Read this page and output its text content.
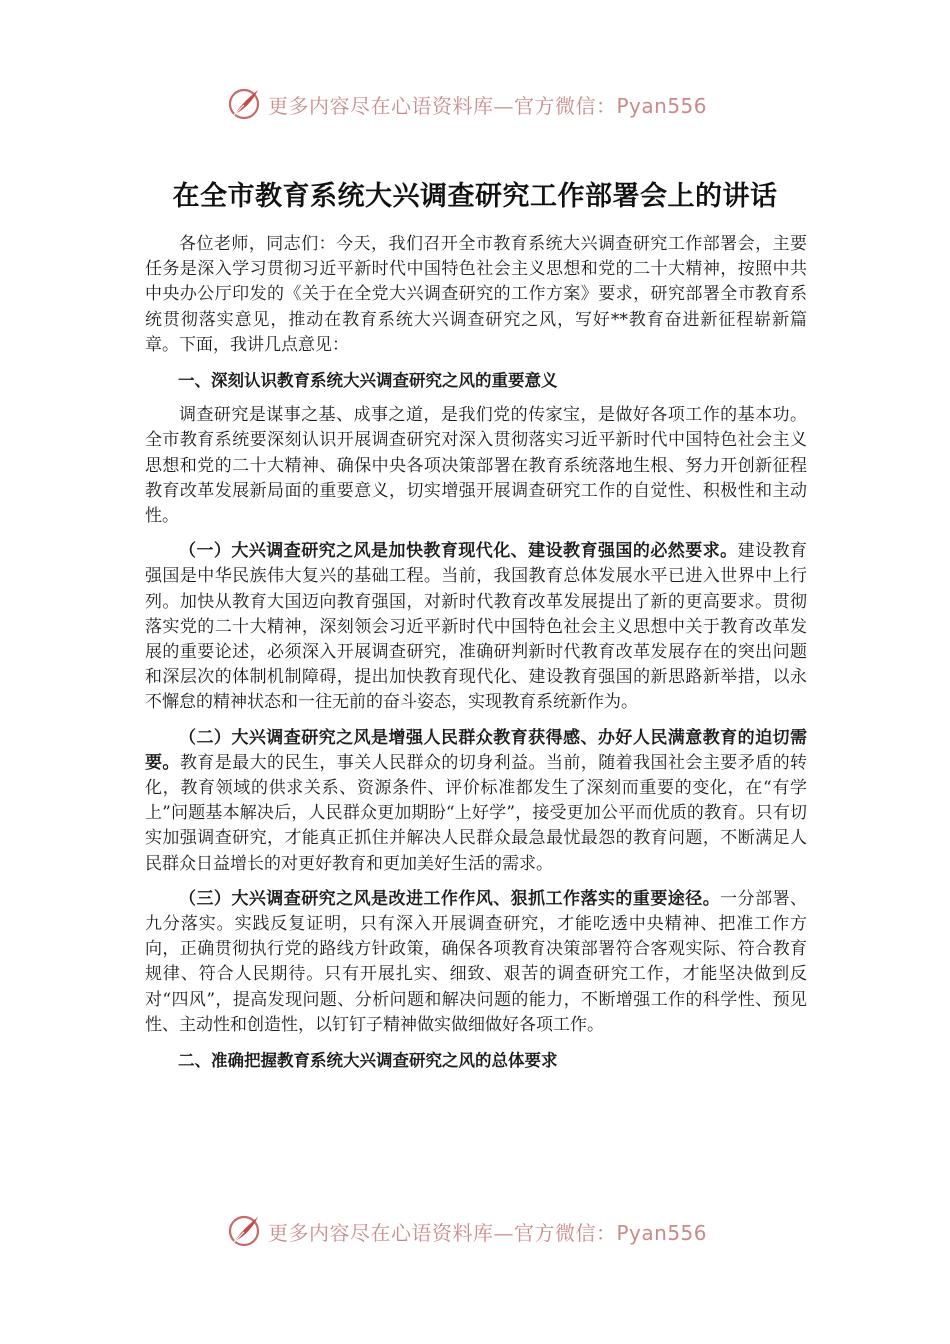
更多内容尽在心语资料库—官方微信：Pyan556
在全市教育系统大兴调查研究工作部署会上的讲话

各位老师，同志们：今天，我们召开全市教育系统大兴调查研究工作部署会，主要任务是深入学习贯彻习近平新时代中国特色社会主义思想和党的二十大精神，按照中共中央办公厅印发的《关于在全党大兴调查研究的工作方案》要求，研究部署全市教育系统贯彻落实意见，推动在教育系统大兴调查研究之风，写好**教育奋进新征程崭新篇章。下面，我讲几点意见：

一、深刻认识教育系统大兴调查研究之风的重要意义

调查研究是谋事之基、成事之道，是我们党的传家宝，是做好各项工作的基本功。全市教育系统要深刻认识开展调查研究对深入贯彻落实习近平新时代中国特色社会主义思想和党的二十大精神、确保中央各项决策部署在教育系统落地生根、努力开创新征程教育改革发展新局面的重要意义，切实增强开展调查研究工作的自觉性、积极性和主动性。

（一）大兴调查研究之风是加快教育现代化、建设教育强国的必然要求。建设教育强国是中华民族伟大复兴的基础工程。当前，我国教育总体发展水平已进入世界中上行列。加快从教育大国迈向教育强国，对新时代教育改革发展提出了新的更高要求。贯彻落实党的二十大精神，深刻领会习近平新时代中国特色社会主义思想中关于教育改革发展的重要论述，必须深入开展调查研究，准确研判新时代教育改革发展存在的突出问题和深层次的体制机制障碍，提出加快教育现代化、建设教育强国的新思路新举措，以永不懈怠的精神状态和一往无前的奋斗姿态，实现教育系统新作为。

（二）大兴调查研究之风是增强人民群众教育获得感、办好人民满意教育的迫切需要。教育是最大的民生，事关人民群众的切身利益。当前，随着我国社会主要矛盾的转化，教育领域的供求关系、资源条件、评价标准都发生了深刻而重要的变化，在“有学上”问题基本解决后，人民群众更加期盼“上好学”，接受更加公平而优质的教育。只有切实加强调查研究，才能真正抓住并解决人民群众最急最忧最怨的教育问题，不断满足人民群众日益增长的对更好教育和更加美好生活的需求。

（三）大兴调查研究之风是改进工作作风、狠抓工作落实的重要途径。一分部署、九分落实。实践反复证明，只有深入开展调查研究，才能吃透中央精神、把准工作方向，正确贯彻执行党的路线方针政策，确保各项教育决策部署符合客观实际、符合教育规律、符合人民期待。只有开展扎实、细致、艰苦的调查研究工作，才能坚决做到反对“四风”，提高发现问题、分析问题和解决问题的能力，不断增强工作的科学性、预见性、主动性和创造性，以钉钉子精神做实做细做好各项工作。

二、准确把握教育系统大兴调查研究之风的总体要求

更多内容尽在心语资料库—官方微信：Pyan556
